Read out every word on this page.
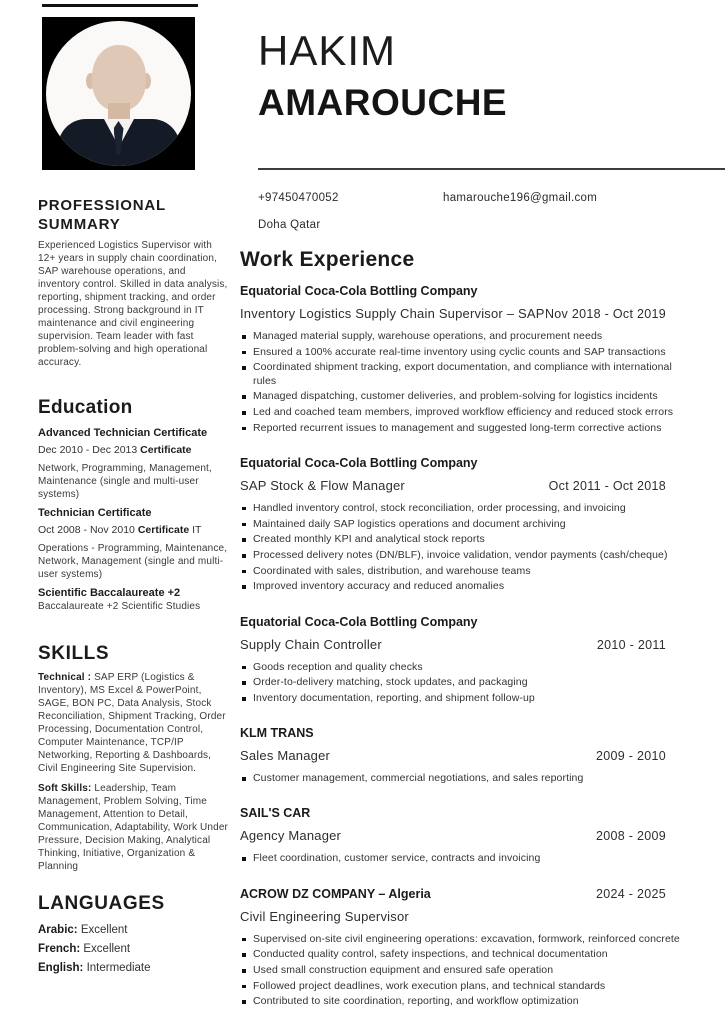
PROFESSIONAL SUMMARY
Experienced Logistics Supervisor with 12+ years in supply chain coordination, SAP warehouse operations, and inventory control. Skilled in data analysis, reporting, shipment tracking, and order processing. Strong background in IT maintenance and civil engineering supervision. Team leader with fast problem-solving and high operational accuracy.
Education
Advanced Technician Certificate
Dec 2010 - Dec 2013 Certificate
Network, Programming, Management, Maintenance (single and multi-user systems)
Technician Certificate
Oct 2008 - Nov 2010 Certificate IT
Operations - Programming, Maintenance, Network, Management (single and multi-user systems)
Scientific Baccalaureate +2
Baccalaureate +2 Scientific Studies
SKILLS

Technical : SAP ERP (Logistics & Inventory), MS Excel & PowerPoint, SAGE, BON PC, Data Analysis, Stock Reconciliation, Shipment Tracking, Order Processing, Documentation Control, Computer Maintenance, TCP/IP Networking, Reporting & Dashboards, Civil Engineering Site Supervision.

Soft Skills: Leadership, Team Management, Problem Solving, Time Management, Attention to Detail, Communication, Adaptability, Work Under Pressure, Decision Making, Analytical Thinking, Initiative, Organization & Planning

LANGUAGES
Arabic: Excellent
French: Excellent
English: Intermediate
HAKIM
AMAROUCHE
+97450470052	hamarouche196@gmail.com
Doha Qatar
Work Experience
Equatorial Coca-Cola Bottling Company
Inventory Logistics Supply Chain Supervisor – SAP Nov 2018 - Oct 2019
Managed material supply, warehouse operations, and procurement needs
Ensured a 100% accurate real-time inventory using cyclic counts and SAP transactions
Coordinated shipment tracking, export documentation, and compliance with international rules
Managed dispatching, customer deliveries, and problem-solving for logistics incidents
Led and coached team members, improved workflow efficiency and reduced stock errors
Reported recurrent issues to management and suggested long-term corrective actions
Equatorial Coca-Cola Bottling Company
SAP Stock & Flow Manager	Oct 2011 - Oct 2018
Handled inventory control, stock reconciliation, order processing, and invoicing
Maintained daily SAP logistics operations and document archiving
Created monthly KPI and analytical stock reports
Processed delivery notes (DN/BLF), invoice validation, vendor payments (cash/cheque)
Coordinated with sales, distribution, and warehouse teams
Improved inventory accuracy and reduced anomalies
Equatorial Coca-Cola Bottling Company
Supply Chain Controller	2010 - 2011
Goods reception and quality checks
Order-to-delivery matching, stock updates, and packaging
Inventory documentation, reporting, and shipment follow-up
KLM TRANS
Sales Manager	2009 - 2010
Customer management, commercial negotiations, and sales reporting
SAIL'S CAR
Agency Manager	2008 - 2009
Fleet coordination, customer service, contracts and invoicing
ACROW DZ COMPANY – Algeria	2024 - 2025
Civil Engineering Supervisor
Supervised on-site civil engineering operations: excavation, formwork, reinforced concrete
Conducted quality control, safety inspections, and technical documentation
Used small construction equipment and ensured safe operation
Followed project deadlines, work execution plans, and technical standards
Contributed to site coordination, reporting, and workflow optimization
